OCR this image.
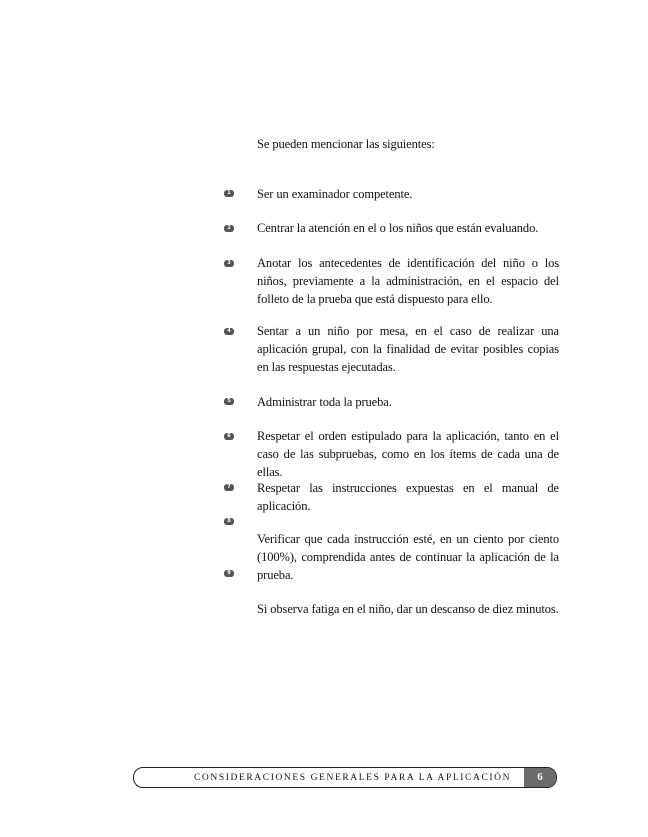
Se pueden mencionar las siguientes:
1 Ser un examinador competente.
2 Centrar la atención en el o los niños que están evaluando.
3 Anotar los antecedentes de identificación del niño o los niños, previamente a la administración, en el espacio del folleto de la prueba que está dispuesto para ello.
4 Sentar a un niño por mesa, en el caso de realizar una aplicación grupal, con la finalidad de evitar posibles copias en las respuestas ejecutadas.
5 Administrar toda la prueba.
6 Respetar el orden estipulado para la aplicación, tanto en el caso de las subpruebas, como en los ítems de cada una de ellas.
7 Respetar las instrucciones expuestas en el manual de aplicación.
8
Verificar que cada instrucción esté, en un ciento por ciento (100%), comprendida antes de continuar la aplicación de la prueba.
9
Si observa fatiga en el niño, dar un descanso de diez minutos.
CONSIDERACIONES GENERALES PARA LA APLICACIÓN	6
